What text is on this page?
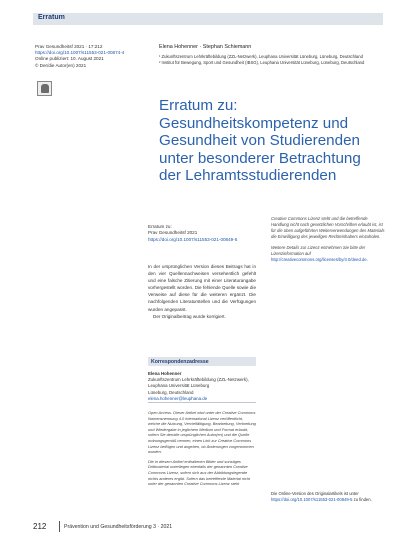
Erratum
Prav Gesundheitsf 2021 · 17:212
https://doi.org/10.1007/s11553-021-00874-4
Online publiziert: 10. August 2021
© Der/die Autor(en) 2021
Elena Hohenner · Stephan Schiemann
¹ Zukunftszentrum Lehrkräftebildung (ZZL-Netzwerk), Leuphana Universität Lüneburg, Lüneburg, Deutschland
² Institut für Bewegung, Sport und Gesundheit (IBSG), Leuphana Universität Lüneburg, Lüneburg, Deutschland
Erratum zu:
Gesundheitskompetenz und
Gesundheit von Studierenden
unter besonderer Betrachtung
der Lehramtsstudierenden
Erratum zu:
Prav Gesundheitsf 2021
https://doi.org/10.1007/s11553-021-00849-5

In der ursprünglichen Version dieses Beitrags hat in den vier Quellennachweisen versehentlich gefehlt und eine falsche Zitierung mit einer Literaturangabe vorhergestellt worden. Die fehlende Quelle sowie die Verweise auf diese für die weiteren ergänzt. Die nachfolgenden Literaturstellen und die Verfügungen wurden angepasst.

Der Originalbeitrag wurde korrigiert.

Korrespondenzadresse
Elena Hohenner
Zukunftszentrum Lehrkräftebildung (ZZL-Netzwerk), Leuphana Universität Lüneburg
Lüneburg, Deutschland
elena.hohenner@leuphana.de

Open Access. Dieser Artikel wird unter der Creative Commons Namensnennung 4.0 International Lizenz veröffentlicht, welche die Nutzung, Vervielfältigung, Bearbeitung, Verbreitung und Wiedergabe in jeglichem Medium und Format erlaubt, sofern Sie den/die ursprünglichen Autor(en) und die Quelle ordnungsgemäß nennen, einen Link zur Creative Commons Lizenz beifügen und angeben, ob Änderungen vorgenommen wurden.

Die in diesem Artikel enthaltenen Bilder und sonstiges Drittmaterial unterliegen ebenfalls der genannten Creative Commons Lizenz, sofern sich aus der Abbildungslegende nichts anderes ergibt. Sofern das betreffende Material nicht unter der genannten Creative Commons Lizenz steht

Creative Commons Lizenz steht und die betreffende Handlung nicht nach gesetzlichen Vorschriften erlaubt ist, ist für die oben aufgeführten Weiterverwendungen des Materials die Einwilligung des jeweiligen Rechteinhabers einzuholen.

Weitere Details zur Lizenz entnehmen Sie bitte der Lizenzinformation auf http://creativecommons.org/licenses/by/4.0/deed.de.

Die Online-Version des Originalartikels ist unter https://doi.org/10.1007/s11553-021-00849-5 zu finden.
212	Prävention und Gesundheitsförderung 3 · 2021
